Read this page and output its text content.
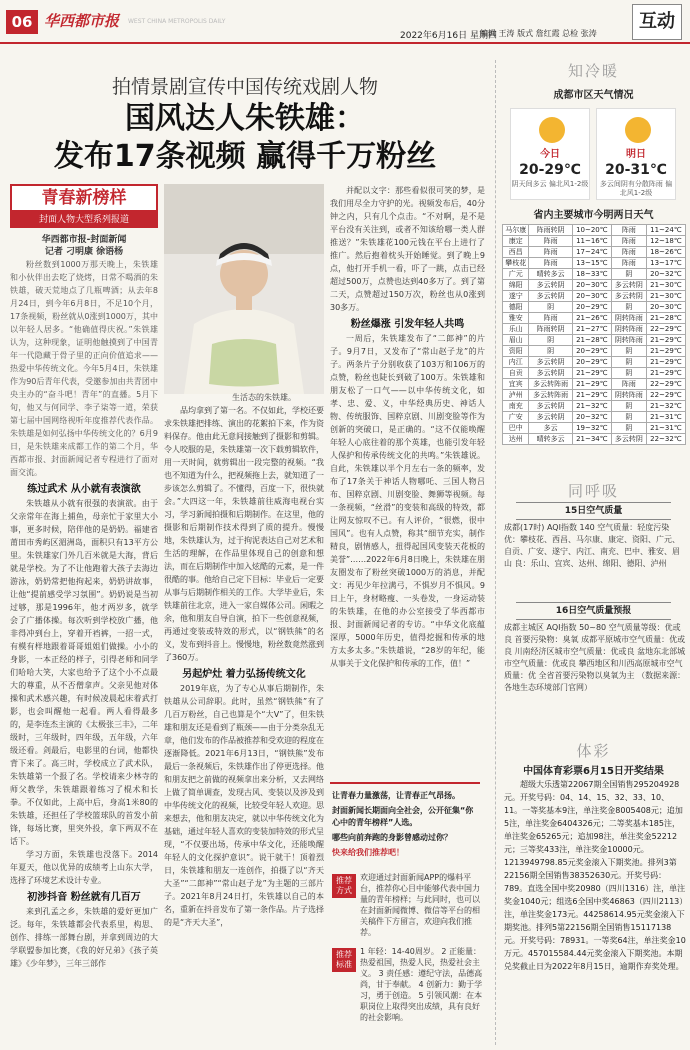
06 华西都市报 WEST CHINA METROPOLIS DAILY
2022年6月16日 星期四
编辑 王涛 版式 詹红霞 总检 张涛
互动
拍情景剧宣传中国传统戏剧人物
国风达人朱铁雄：
发布17条视频 赢得千万粉丝
青春新榜样
封面人物大型系列报道
华西都市报-封面新闻
记者 刁明康 徐语杨

粉丝数到1000万那天晚上，朱铁雄和小伙伴出去吃了烧烤，日常不喝酒的朱铁雄，破天荒地点了几瓶啤酒；从去年8月24日，到今年6月8日，不足10个月，17条视频，粉丝就从0涨到1000万，其中以年轻人居多。“他确值得庆祝。”朱铁雄认为，这种现象，证明他触摸到了中国青年一代隐藏于骨子里的正向价值追求——热爱中华传统文化。今年5月4日，朱铁雄作为90后青年代表，受邀参加由共青团中央主办的“奋斗吧！青年”的直播。5月下旬，他又与何同学、李子柒等一道，荣获第七届中国网络视听年度推荐代表作品。朱铁雄是如何弘扬中华传统文化的？6月9日，是朱铁雄来成都工作的第二个月，华西都市报、封面新闻记者专程进行了面对面交流。

练过武术 从小就有表演欲

朱铁雄从小就有很强的表演欲。由于父亲常年在海上捕鱼，母亲忙于家里大小事，更多时候，陪伴他的是奶奶。福建省莆田市秀屿区湄洲岛，面积只有13平方公里。朱铁雄家门外几百米就是大海，背后就是学校。为了不让他跑着大孩子去海边游泳，奶奶常把他拘起来，奶奶讲故事，让他“提前感受学习氛围”。奶奶说是当初过够，那是1996年，他才两岁多，就学会了广播体操。每次听到学校放广播，他非得冲到台上，穿着开裆裤，一招一式，有模有样地跟着哥哥姐姐们做操。小小的身影，一本正经的样子，引得老师和同学们哈哈大笑，大家也给予了这个小不点最大的尊重，从不否僧拿声。父亲见他对体操和武术感兴趣，有时候凌晨起床着武打影，也会叫醒他一起看。两人看得最多的，是李连杰主演的《太极张三丰》，二年级时，三年级时，四年级，五年级，六年级还看。剑最后，电影里的台词，他都快背下来了。高三时，学校成立了武术队，朱铁雄第一个报了名。学校请来少林寺的师父教学，朱铁雄跟着练习了棍术和长拳。不仅如此，上高中后，身高1米80的朱铁雄，还担任了学校篮球队的首发小前锋，每场比赛，里突外投，拿下两双不在话下。

学习方面，朱铁雄也没落下。2014年夏天，他以优异的成绩考上山东大学，选择了环境艺术设计专业。

初涉抖音 粉丝就有几百万

来到孔孟之乡，朱铁雄的爱好更加广泛。每年，朱铁雄都会代表系里，构思、创作、排练一部舞台剧，并拿到周边的大学联盟参加比赛，《我的好兄弟》《孩子英雄》《少年梦》，三年三部作

生活态的朱铁雄。

品均拿到了第一名。不仅如此，学校还要求朱铁雄把排练、演出的花絮拍下来，作为资料保存。他由此无意间接触到了摄影和剪辑。令人咬服的是，朱铁雄第一次下载剪辑软件，用一天时间，就剪辑出一段完整的视频。“我也不知道为什么，把视频拖上去，就知道了一步该怎么剪辑了。不懂得，百度一下，很快就会。”大四这一年，朱铁雄前往威海电视台实习，学习新闻拍摄和后期制作。在这里，他的摄影和后期制作技术得到了质的提升。慢慢地，朱铁雄认为，过于拘泥表达自己对艺术和生活的理解，在作品里体现自己的创意和想法，而在后期制作中加入炫酷的元素，是一件很酷的事。他给自己定下目标：毕业后一定要从事与后期制作相关的工作。大学毕业后，朱铁雄前往北京，进入一家自媒体公司。闲暇之余，他和朋友自导自演，拍下一些创意视频，再通过变装或特效的形式，以“钢铁熊”的名义，发布到抖音上。慢慢地，粉丝数竟然涨到了360万。

另起炉灶 着力弘扬传统文化

2019年底，为了专心从事后期制作，朱铁雄从公司辞职。此时，虽然“钢铁熊”有了几百万粉丝，自己也算是个“大V”了，但朱铁雄和朋友还是看到了瓶颈——由于分类杂乱无章，他们发布的作品被推荐和受欢迎的程度在逐渐降低。2021年6月13日，“钢铁熊”发布最后一条视频后，朱铁雄作出了停更选择。他和朋友把之前做的视频拿出来分析，又去网络上做了简单调查，发现古风、变装以及涉及到中华传统文化的视频，比较受年轻人欢迎。思来想去，他和朋友决定，就以中华传统文化为基础，通过年轻人喜欢的变装加特效的形式呈现，“不仅要出场，传承中华文化，还能唤醒年轻人的文化探护意识”。说干就干！顶着烈日，朱铁雄和朋友一连创作，拍摄了以“齐天大圣”“二郎神”“常山赵子龙”为主题的三部片子。2021年8月24日打，朱铁雄以自己的本名，重新在抖音发布了第一条作品。片子选择的是“齐天大圣”，

并配以文字：那些看似很可笑的梦，是我们用尽全力守护的光。视频发布后，40分钟之内，只有几个点击。“不对啊，是不是平台没有关注到，或者不知该给哪一类人群推送？”朱铁雄花100元钱在平台上进行了推广。然后抱着枕头开始睡觉。到了晚上9点，他打开手机一看，吓了一跳，点击已经超过500万，点赞也达到40多万了。到了第二天，点赞超过150万次，粉丝也从0涨到30多万。

粉丝爆涨 引发年轻人共鸣

一周后，朱铁雄发布了“二郎神”的片子。9月7日，又发布了“常山赵子龙”的片子。两条片子分别收获了103万和106万的点赞，粉丝也陡长到破了100万。朱铁雄和朋友松了一口气——以中华传统文化，如孝、忠、爱、义，中华经典历史、神话人物、传统服饰、国粹京剧、川剧变脸等作为创新的突破口，是正确的。“这不仅能唤醒年轻人心底往着的那个英雄，也能引发年轻人保护和传承传统文化的共鸣。”朱铁雄说。自此，朱铁雄以半个月左右一条的频率，发布了17条关于神话人物哪吒、三国人物吕布、国粹京剧、川剧变脸、舞狮等视频。每一条视频，“丝滑”的变装和高级的特效，都让网友惊叹不已。有人评价，“很燃，很中国风”。也有人点赞，称其“细节充实，制作精良，剧情感人，扭得起国风变装天花板的美誉”……2022年6月8日晚上，朱铁雄在朋友圈发布了粉丝突破1000万的消息，并配文：再见少年拉满弓，不惧岁月不惧风。9日上午，身材略瘦、一头卷发，一身运动装的朱铁雄，在他的办公室接受了华西都市报、封面新闻记者的专访。“中华文化底蕴深厚，5000年历史，值得挖掘和传承的地方太多太多。”朱铁雄说，“28岁的年纪，能从事关于文化保护和传承的工作，值！”

让青春力量激荡，让青春正气昂扬。

封面新闻长期面向全社会，公开征集“你心中的青年榜样”人选。

哪些向前奔跑的身影曾感动过你？

快来给我们推荐吧！

推荐方式
欢迎通过封面新闻APP的爆料平台，推荐你心目中能够代表中国力量的青年榜样；与此同时，也可以在封面新闻微博、微信等平台的相关稿件下方留言，欢迎向我们推荐。
推荐标准
1 年轻：14-40周岁。 2 正能量：热爱祖国，热爱人民，热爱社会主义。 3 责任感：遵纪守法，品德高尚，甘于奉献。 4 创新力：勤于学习，勇于创造。 5 引领风潮：在本职岗位上取得突出成绩，具有良好的社会影响。
知冷暖
成都市区天气情况
今日
20-29℃
阴天间多云 偏北风1-2级
明日
20-31℃
多云间阴有分散阵雨 偏北风1-2级
省内主要城市今明两日天气
马尔康	阵雨转阴	10~20℃	阵雨	11~24℃
康定	阵雨	11~16℃	阵雨	12~18℃
西昌	阵雨	17~24℃	阵雨	18~26℃
攀枝花	阵雨	13~15℃	阵雨	13~17℃
广元	晴转多云	18~33℃	阴	20~32℃
绵阳	多云转阴	20~30℃	多云转阴	21~30℃
遂宁	多云转阴	20~30℃	多云转阴	21~30℃
德阳	阴	20~29℃	阴	20~30℃
雅安	阵雨	21~26℃	阴转阵雨	21~28℃
乐山	阵雨转阴	21~27℃	阴转阵雨	22~29℃
眉山	阴	21~28℃	阴转阵雨	21~29℃
资阳	阴	20~29℃	阴	21~29℃
内江	多云转阴	20~29℃	阴	21~29℃
自贡	多云转阴	21~29℃	阴	21~29℃
宜宾	多云转阵雨	21~29℃	阵雨	22~29℃
泸州	多云转阵雨	21~29℃	阴转阵雨	22~29℃
南充	多云转阴	21~32℃	阴	21~32℃
广安	多云转阴	20~32℃	阴	21~31℃
巴中	多云	19~32℃	阴	21~31℃
达州	晴转多云	21~34℃	多云转阴	22~32℃
同呼吸
15日空气质量
成都(17时) AQI指数 140 空气质量：轻度污染 优：攀枝花、西昌、马尔康、康定、资阳、广元、自贡、广安、遂宁、内江、南充、巴中、雅安、眉山 良：乐山、宜宾、达州、绵阳、德阳、泸州
16日空气质量预报
成都主城区 AQI指数 50~80 空气质量等级：优或良 首要污染物：臭氧 成都平原城市空气质量：优或良 川南经济区城市空气质量：优或良 盆地东北部城市空气质量：优或良 攀西地区和川西高原城市空气质量：优 全省首要污染物以臭氧为主 （数据来源：各地生态环境部门官网）
体彩
中国体育彩票6月15日开奖结果

超级大乐透第22067期全国销售295204928元。开奖号码：04、14、15、32、33、10、11。一等奖基本9注，单注奖金8005408元；追加5注，单注奖金6404326元；二等奖基本185注，单注奖金65265元；追加98注，单注奖金52212元；三等奖433注，单注奖金10000元。1213949798.85元奖金滚入下期奖池。排列3第22156期全国销售38352630元。开奖号码：789。直选全国中奖20980（四川1316）注，单注奖金1040元；组选6全国中奖46863（四川2113）注，单注奖金173元。44258614.95元奖金滚入下期奖池。排列5第22156期全国销售15117138元。开奖号码：78931。一等奖64注，单注奖金10万元。457015584.44元奖金滚入下期奖池。本期兑奖截止日为2022年8月15日，逾期作弃奖处理。
